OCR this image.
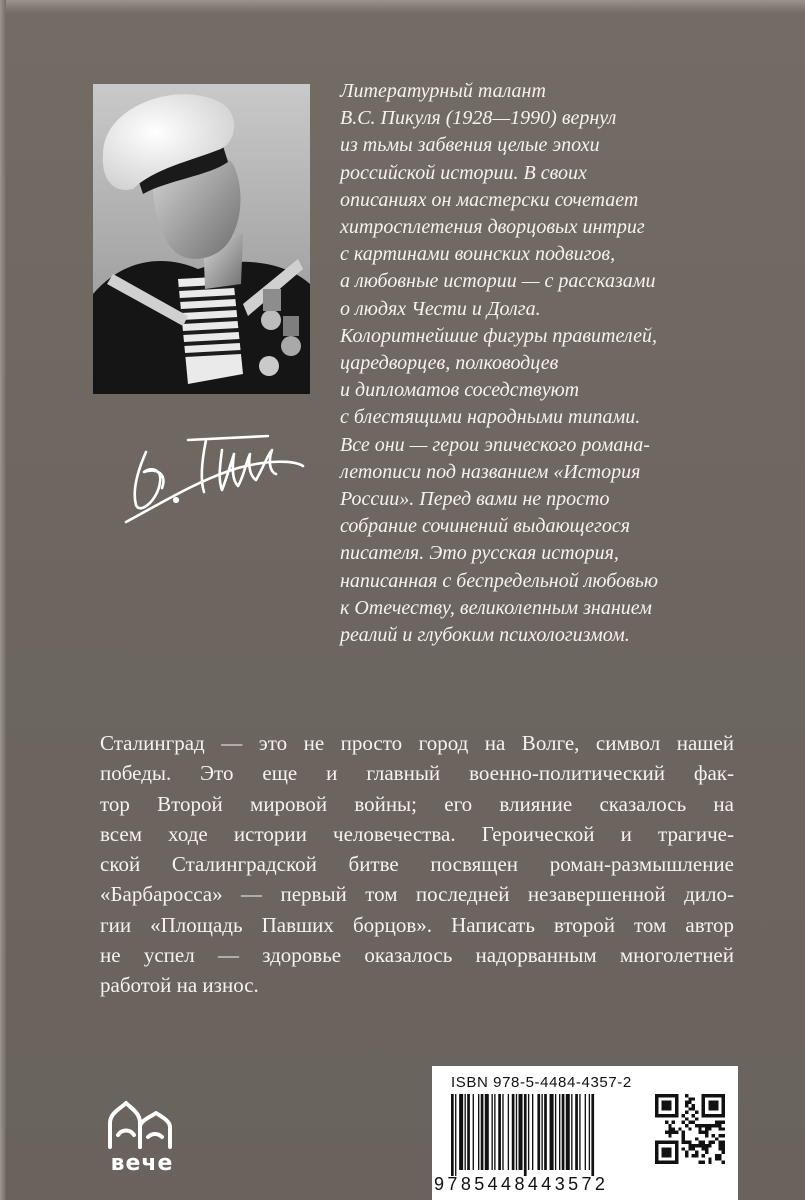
Литературный талант
В.С. Пикуля (1928—1990) вернул
из тьмы забвения целые эпохи
российской истории. В своих
описаниях он мастерски сочетает
хитросплетения дворцовых интриг
с картинами воинских подвигов,
а любовные истории — с рассказами
о людях Чести и Долга.
Колоритнейшие фигуры правителей,
царедворцев, полководцев
и дипломатов соседствуют
с блестящими народными типами.
Все они — герои эпического романа-
летописи под названием «История
России». Перед вами не просто
собрание сочинений выдающегося
писателя. Это русская история,
написанная с беспредельной любовью
к Отечеству, великолепным знанием
реалий и глубоким психологизмом.

Сталинград — это не просто город на Волге, символ нашей
победы. Это еще и главный военно-политический фак-
тор Второй мировой войны; его влияние сказалось на
всем ходе истории человечества. Героической и трагиче-
ской Сталинградской битве посвящен роман-размышление
«Барбаросса» — первый том последней незавершенной дило-
гии «Площадь Павших борцов». Написать второй том автор
не успел — здоровье оказалось надорванным многолетней
работой на износ.

вече
ISBN 978-5-4484-4357-2
9785448443572
